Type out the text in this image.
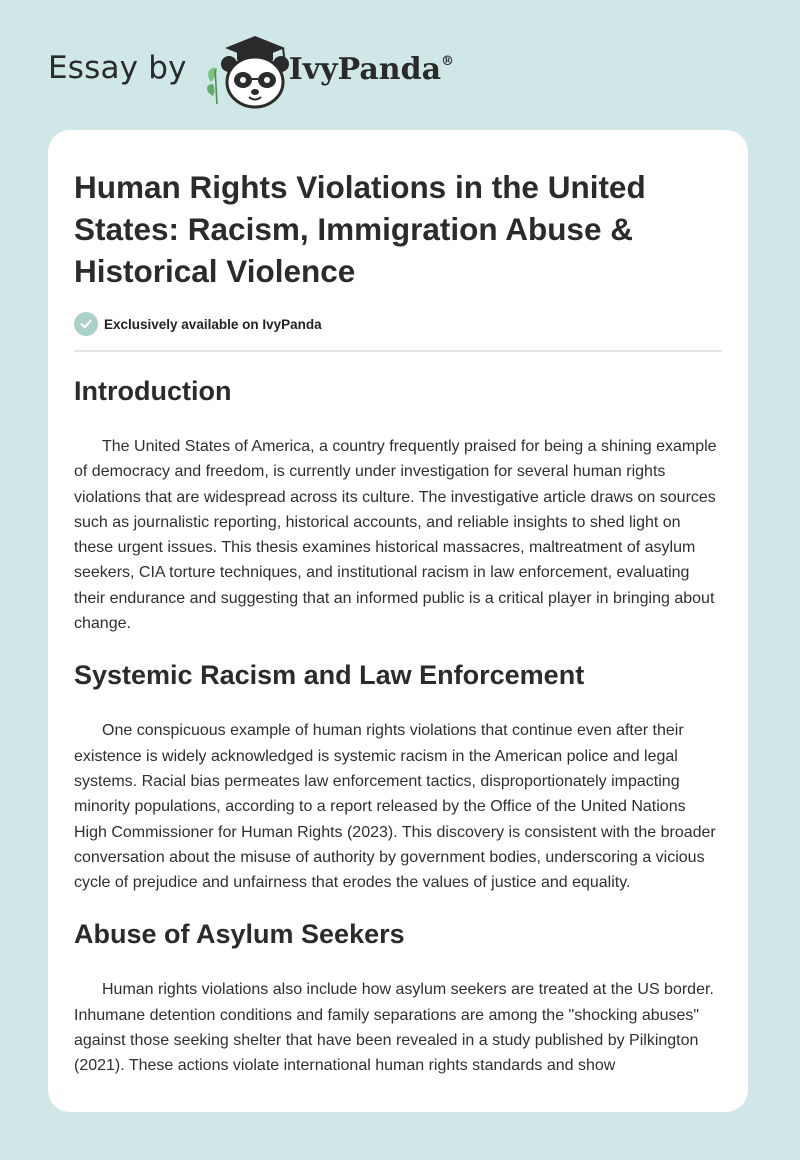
Essay by	IvyPanda®
Human Rights Violations in the United States: Racism, Immigration Abuse & Historical Violence
Exclusively available on IvyPanda
Introduction

The United States of America, a country frequently praised for being a shining example of democracy and freedom, is currently under investigation for several human rights violations that are widespread across its culture. The investigative article draws on sources such as journalistic reporting, historical accounts, and reliable insights to shed light on these urgent issues. This thesis examines historical massacres, maltreatment of asylum seekers, CIA torture techniques, and institutional racism in law enforcement, evaluating their endurance and suggesting that an informed public is a critical player in bringing about change.

Systemic Racism and Law Enforcement

One conspicuous example of human rights violations that continue even after their existence is widely acknowledged is systemic racism in the American police and legal systems. Racial bias permeates law enforcement tactics, disproportionately impacting minority populations, according to a report released by the Office of the United Nations High Commissioner for Human Rights (2023). This discovery is consistent with the broader conversation about the misuse of authority by government bodies, underscoring a vicious cycle of prejudice and unfairness that erodes the values of justice and equality.

Abuse of Asylum Seekers

Human rights violations also include how asylum seekers are treated at the US border. Inhumane detention conditions and family separations are among the "shocking abuses" against those seeking shelter that have been revealed in a study published by Pilkington (2021). These actions violate international human rights standards and show
